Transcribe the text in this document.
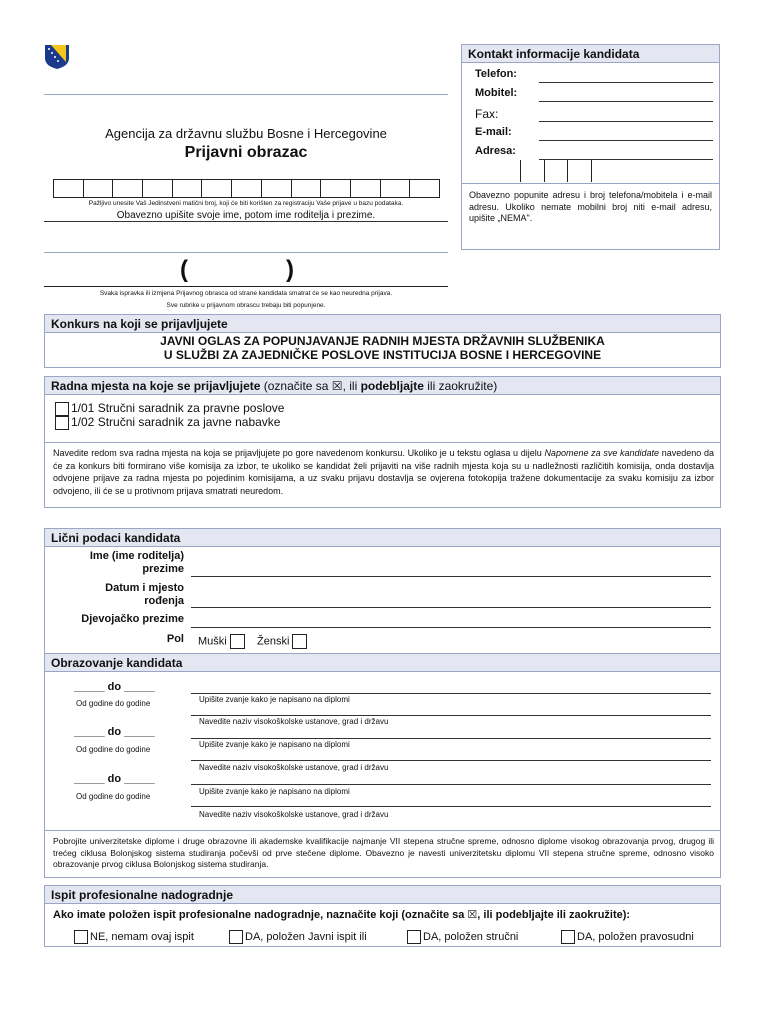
Agencija za državnu službu Bosne i Hercegovine
Prijavni obrazac
Pažljivo unesite Vaš Jedinstveni matični broj, koji će biti korišten za registraciju Vaše prijave u bazu podataka.
Obavezno upišite svoje ime, potom ime roditelja i prezime.
(	)
Svaka ispravka ili izmjena Prijavnog obrasca od strane kandidata smatrat će se kao neuredna prijava.
Sve rubrike u prijavnom obrascu trebaju biti popunjene.
Kontakt informacije kandidata
Telefon:
Mobitel:
Fax:
E-mail:
Adresa:
Obavezno popunite adresu i broj telefona/mobitela i e-mail adresu. Ukoliko nemate mobilni broj niti e-mail adresu, upišite „NEMA".
Konkurs na koji se prijavljujete
JAVNI OGLAS ZA POPUNJAVANJE RADNIH MJESTA DRŽAVNIH SLUŽBENIKA
U SLUŽBI ZA ZAJEDNIČKE POSLOVE INSTITUCIJA BOSNE I HERCEGOVINE
Radna mjesta na koje se prijavljujete (označite sa ☒, ili podebljajte ili zaokružite)
1/01 Stručni saradnik za pravne poslove
1/02 Stručni saradnik za javne nabavke
Navedite redom sva radna mjesta na koja se prijavljujete po gore navedenom konkursu. Ukoliko je u tekstu oglasa u dijelu Napomene za sve kandidate navedeno da će za konkurs biti formirano više komisija za izbor, te ukoliko se kandidat želi prijaviti na više radnih mjesta koja su u nadležnosti različitih komisija, onda dostavlja odvojene prijave za radna mjesta po pojedinim komisijama, a uz svaku prijavu dostavlja se ovjerena fotokopija tražene dokumentacije za svaku komisiju za izbor odvojeno, ili će se u protivnom prijava smatrati neuredom.
Lični podaci kandidata
Ime (ime roditelja)
prezime
Datum i mjesto
rođenja
Djevojačko prezime
Pol Muški	Ženski
Obrazovanje kandidata
_____ do _____
Od godine do godine	Upišite zvanje kako je napisano na diplomi
Navedite naziv visokoškolske ustanove, grad i državu
_____ do _____
Od godine do godine
Upišite zvanje kako je napisano na diplomi
Navedite naziv visokoškolske ustanove, grad i državu
_____ do _____
Od godine do godine
Upišite zvanje kako je napisano na diplomi
Navedite naziv visokoškolske ustanove, grad i državu
Pobrojite univerzitetske diplome i druge obrazovne ili akademske kvalifikacije najmanje VII stepena stručne spreme, odnosno diplome visokog obrazovanja prvog, drugog ili trećeg ciklusa Bolonjskog sistema studiranja počevši od prve stečene diplome. Obavezno je navesti univerzitetsku diplomu VII stepena stručne spreme, odnosno visoko obrazovanje prvog ciklusa Bolonjskog sistema studiranja.
Ispit profesionalne nadogradnje
Ako imate položen ispit profesionalne nadogradnje, naznačite koji (označite sa ☒, ili podebljajte ili zaokružite):
NE, nemam ovaj ispit	DA, položen Javni ispit ili	DA, položen stručni	DA, položen pravosudni
